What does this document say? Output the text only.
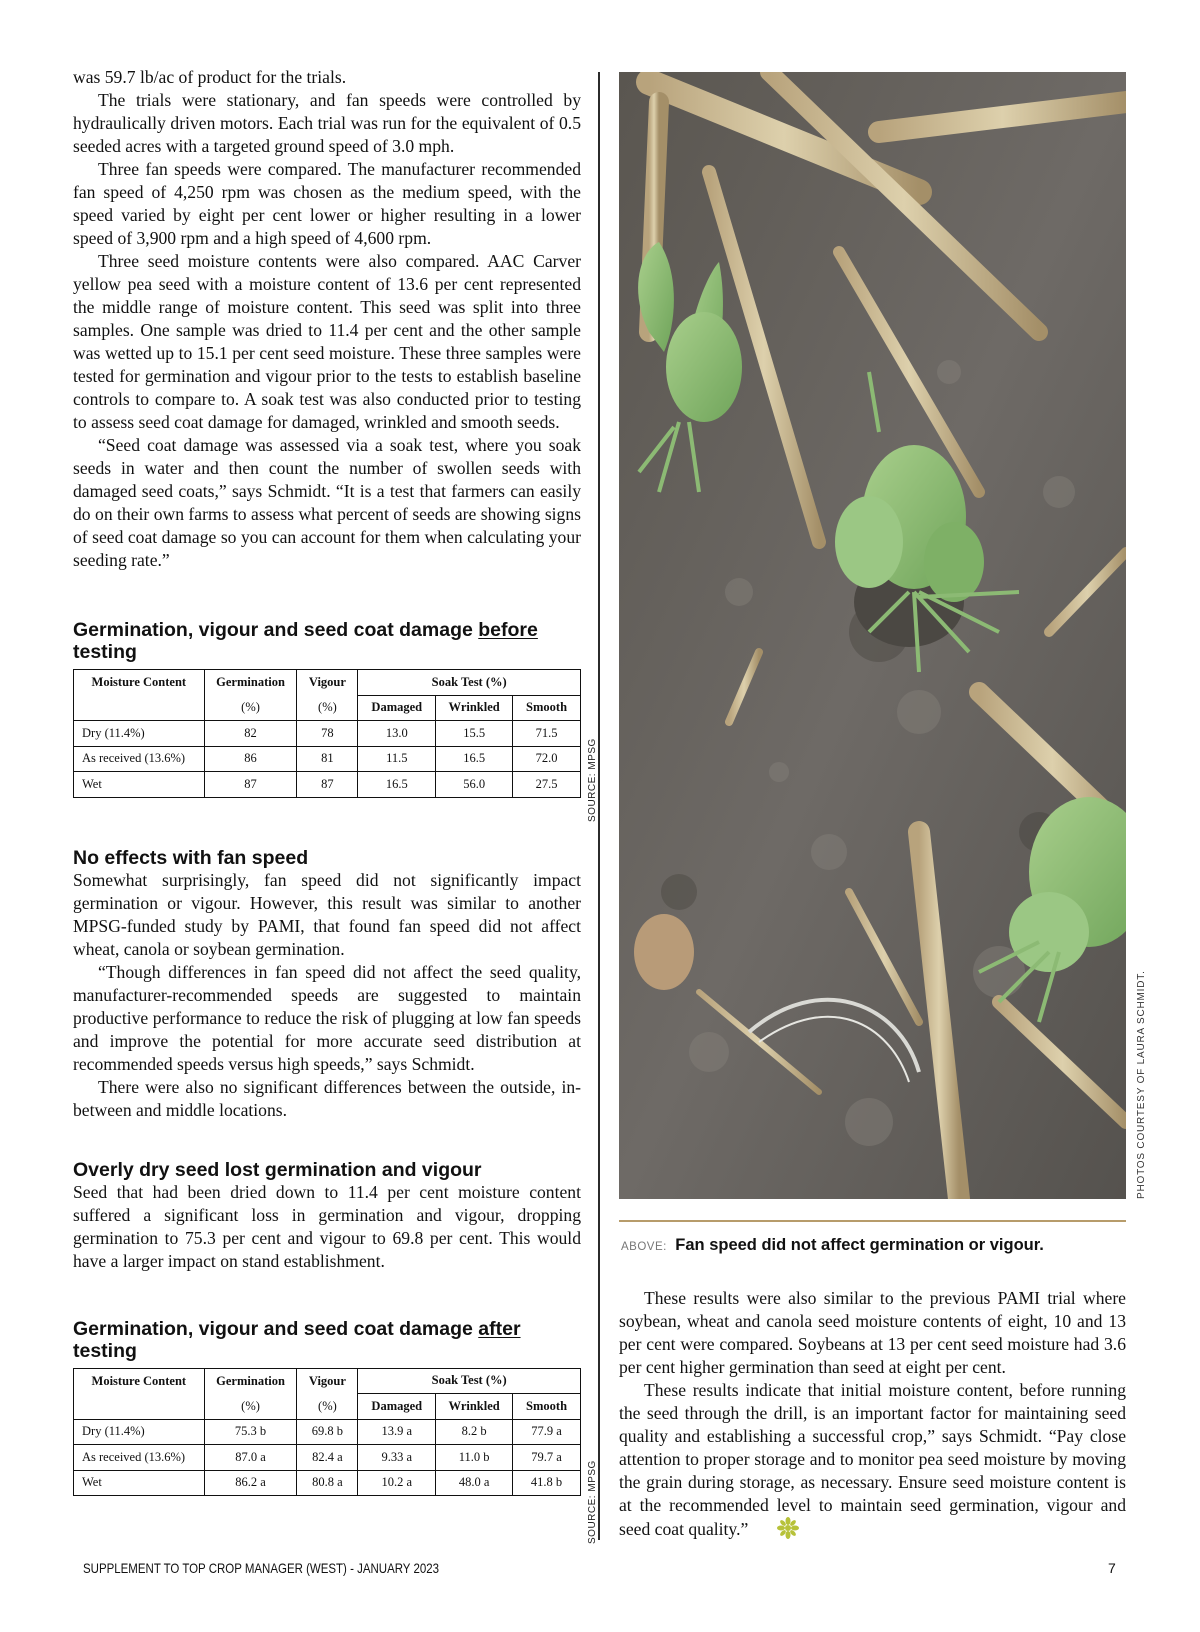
was 59.7 lb/ac of product for the trials.

The trials were stationary, and fan speeds were controlled by hydraulically driven motors. Each trial was run for the equivalent of 0.5 seeded acres with a targeted ground speed of 3.0 mph.

Three fan speeds were compared. The manufacturer recommended fan speed of 4,250 rpm was chosen as the medium speed, with the speed varied by eight per cent lower or higher resulting in a lower speed of 3,900 rpm and a high speed of 4,600 rpm.

Three seed moisture contents were also compared. AAC Carver yellow pea seed with a moisture content of 13.6 per cent represented the middle range of moisture content. This seed was split into three samples. One sample was dried to 11.4 per cent and the other sample was wetted up to 15.1 per cent seed moisture. These three samples were tested for germination and vigour prior to the tests to establish baseline controls to compare to. A soak test was also conducted prior to testing to assess seed coat damage for damaged, wrinkled and smooth seeds.

“Seed coat damage was assessed via a soak test, where you soak seeds in water and then count the number of swollen seeds with damaged seed coats,” says Schmidt. “It is a test that farmers can easily do on their own farms to assess what percent of seeds are showing signs of seed coat damage so you can account for them when calculating your seeding rate.”

Germination, vigour and seed coat damage before
testing
Moisture Content	Germination	Vigour	Soak Test (%)		
	(%)	(%)	Damaged	Wrinkled	Smooth
Dry (11.4%)	82	78	13.0	15.5	71.5
As received (13.6%)	86	81	11.5	16.5	72.0
Wet	87	87	16.5	56.0	27.5
No effects with fan speed

Somewhat surprisingly, fan speed did not significantly impact germination or vigour. However, this result was similar to another MPSG-funded study by PAMI, that found fan speed did not affect wheat, canola or soybean germination.

“Though differences in fan speed did not affect the seed quality, manufacturer-recommended speeds are suggested to maintain productive performance to reduce the risk of plugging at low fan speeds and improve the potential for more accurate seed distribution at recommended speeds versus high speeds,” says Schmidt.

There were also no significant differences between the outside, in-between and middle locations.

Overly dry seed lost germination and vigour

Seed that had been dried down to 11.4 per cent moisture content suffered a significant loss in germination and vigour, dropping germination to 75.3 per cent and vigour to 69.8 per cent. This would have a larger impact on stand establishment.

Germination, vigour and seed coat damage after
testing
Moisture Content	Germination	Vigour	Soak Test (%)		
	(%)	(%)	Damaged	Wrinkled	Smooth
Dry (11.4%)	75.3 b	69.8 b	13.9 a	8.2 b	77.9 a
As received (13.6%)	87.0 a	82.4 a	9.33 a	11.0 b	79.7 a
Wet	86.2 a	80.8 a	10.2 a	48.0 a	41.8 b
SOURCE: MPSG
SOURCE: MPSG
PHOTOS COURTESY OF LAURA SCHMIDT.
ABOVE: Fan speed did not affect germination or vigour.

These results were also similar to the previous PAMI trial where soybean, wheat and canola seed moisture contents of eight, 10 and 13 per cent were compared. Soybeans at 13 per cent seed moisture had 3.6 per cent higher germination than seed at eight per cent.

These results indicate that initial moisture content, before running the seed through the drill, is an important factor for maintaining seed quality and establishing a successful crop,” says Schmidt. “Pay close attention to proper storage and to monitor pea seed moisture by moving the grain during storage, as necessary. Ensure seed moisture content is at the recommended level to maintain seed germination, vigour and seed coat quality.”

SUPPLEMENT TO TOP CROP MANAGER (WEST) - JANUARY 2023	7
